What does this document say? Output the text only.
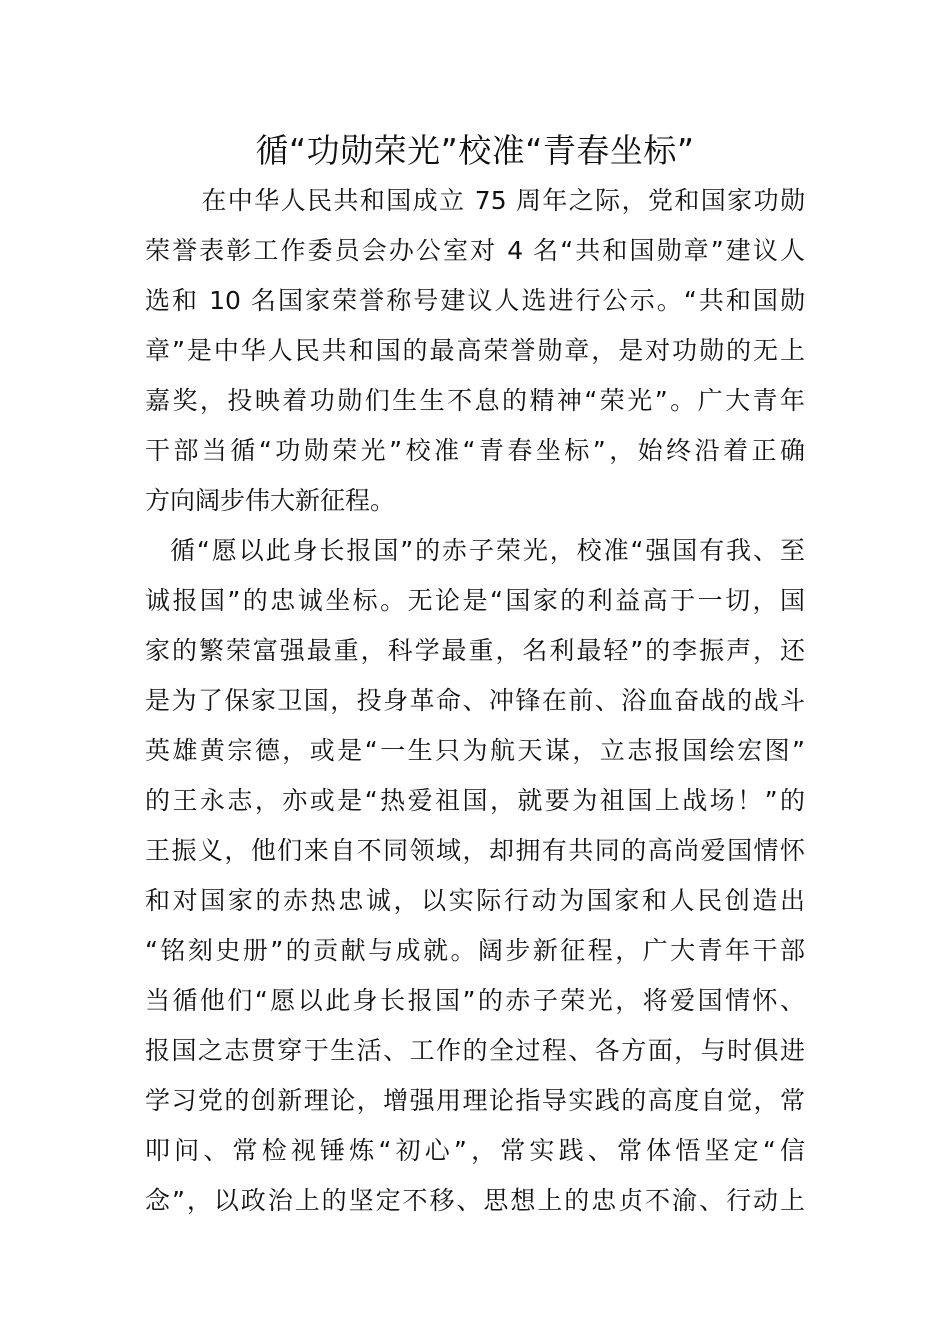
循“功勋荣光”校准“青春坐标”
　在中华人民共和国成立 75 周年之际，党和国家功勋
荣誉表彰工作委员会办公室对 4 名“共和国勋章”建议人
选和 10 名国家荣誉称号建议人选进行公示。“共和国勋
章”是中华人民共和国的最高荣誉勋章，是对功勋的无上
嘉奖，投映着功勋们生生不息的精神“荣光”。广大青年
干部当循“功勋荣光”校准“青春坐标”，始终沿着正确
方向阔步伟大新征程。
循“愿以此身长报国”的赤子荣光，校准“强国有我、至
诚报国”的忠诚坐标。无论是“国家的利益高于一切，国
家的繁荣富强最重，科学最重，名利最轻”的李振声，还
是为了保家卫国，投身革命、冲锋在前、浴血奋战的战斗
英雄黄宗德，或是“一生只为航天谋，立志报国绘宏图”
的王永志，亦或是“热爱祖国，就要为祖国上战场！”的
王振义，他们来自不同领域，却拥有共同的高尚爱国情怀
和对国家的赤热忠诚，以实际行动为国家和人民创造出
“铭刻史册”的贡献与成就。阔步新征程，广大青年干部
当循他们“愿以此身长报国”的赤子荣光，将爱国情怀、
报国之志贯穿于生活、工作的全过程、各方面，与时俱进
学习党的创新理论，增强用理论指导实践的高度自觉，常
叩问、常检视锤炼“初心”，常实践、常体悟坚定“信
念”，以政治上的坚定不移、思想上的忠贞不渝、行动上
